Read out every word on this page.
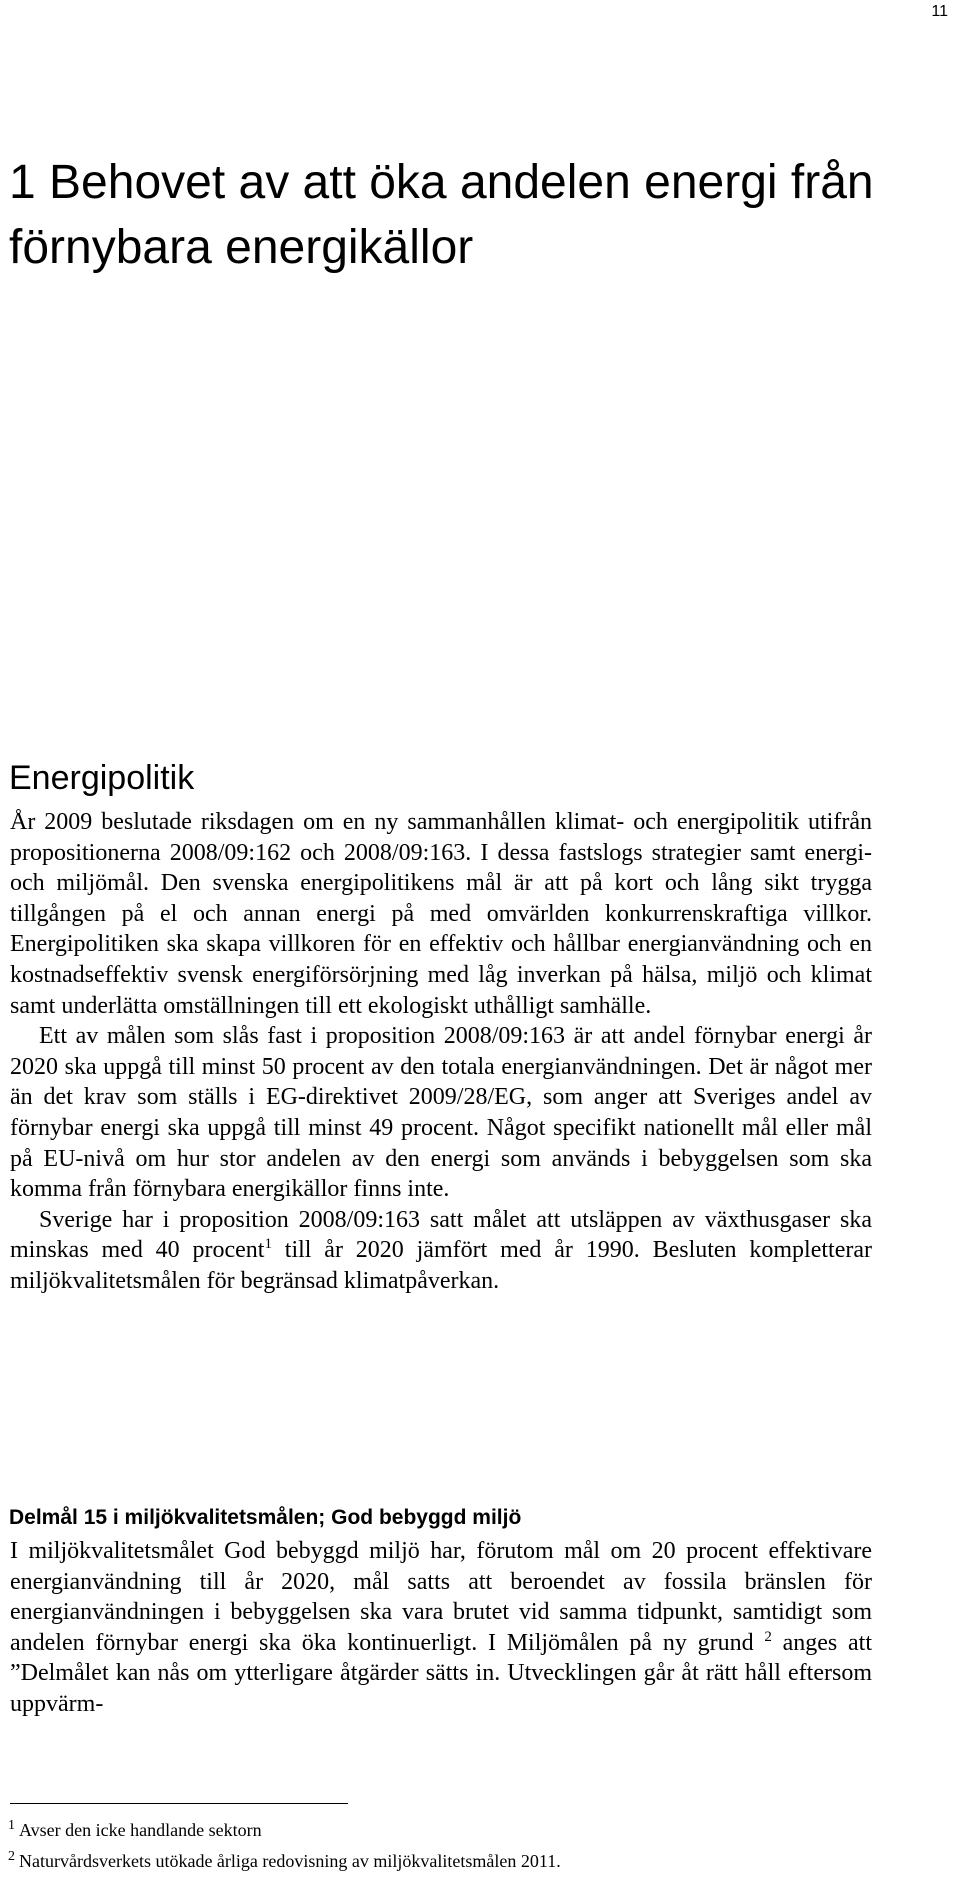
11
1 Behovet av att öka andelen energi från förnybara energikällor
Energipolitik

År 2009 beslutade riksdagen om en ny sammanhållen klimat- och energipolitik utifrån propositionerna 2008/09:162 och 2008/09:163. I dessa fastslogs strategier samt energi- och miljömål. Den svenska energipolitikens mål är att på kort och lång sikt trygga tillgången på el och annan energi på med omvärlden konkurrenskraftiga villkor. Energipolitiken ska skapa villkoren för en effektiv och hållbar energianvändning och en kostnadseffektiv svensk energiförsörjning med låg inverkan på hälsa, miljö och klimat samt underlätta omställningen till ett ekologiskt uthålligt samhälle.

Ett av målen som slås fast i proposition 2008/09:163 är att andel förnybar energi år 2020 ska uppgå till minst 50 procent av den totala energianvändningen. Det är något mer än det krav som ställs i EG-direktivet 2009/28/EG, som anger att Sveriges andel av förnybar energi ska uppgå till minst 49 procent. Något specifikt nationellt mål eller mål på EU-nivå om hur stor andelen av den energi som används i bebyggelsen som ska komma från förnybara energikällor finns inte.

Sverige har i proposition 2008/09:163 satt målet att utsläppen av växthusgaser ska minskas med 40 procent$^1$ till år 2020 jämfört med år 1990. Besluten kompletterar miljökvalitetsmålen för begränsad klimatpåverkan.

Delmål 15 i miljökvalitetsmålen; God bebyggd miljö

I miljökvalitetsmålet God bebyggd miljö har, förutom mål om 20 procent effektivare energianvändning till år 2020, mål satts att beroendet av fossila bränslen för energianvändningen i bebyggelsen ska vara brutet vid samma tidpunkt, samtidigt som andelen förnybar energi ska öka kontinuerligt. I Miljömålen på ny grund $^2$ anges att ”Delmålet kan nås om ytterligare åtgärder sätts in. Utvecklingen går åt rätt håll eftersom uppvärm-

$^1$ Avser den icke handlande sektorn

$^2$ Naturvårdsverkets utökade årliga redovisning av miljökvalitetsmålen 2011.
